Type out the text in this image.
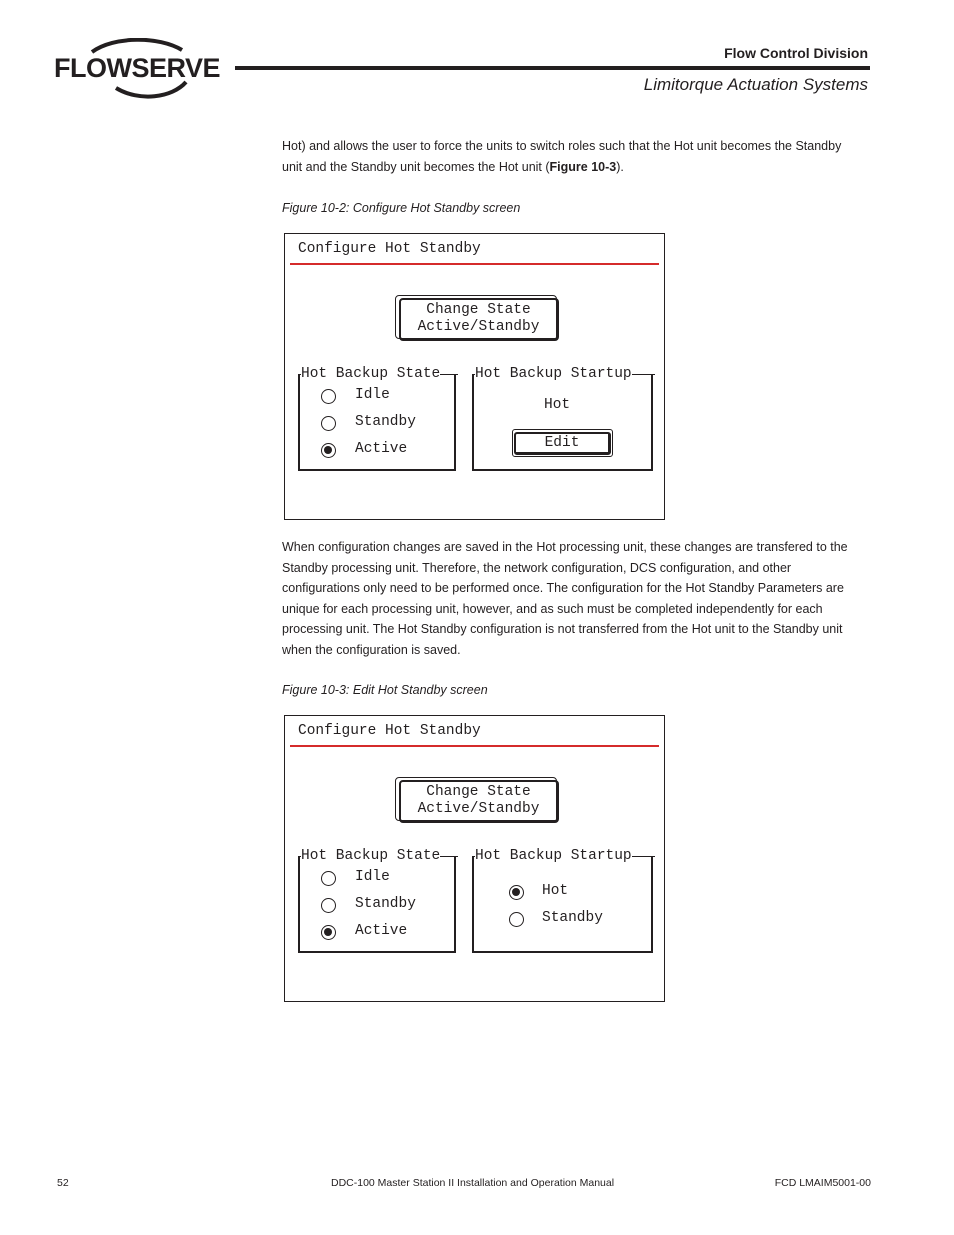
FLOWSERVE	Flow Control Division
Limitorque Actuation Systems

Hot) and allows the user to force the units to switch roles such that the Hot unit becomes the Standby unit and the Standby unit becomes the Hot unit (Figure 10-3).

Figure 10-2: Configure Hot Standby screen
Configure Hot Standby
Change State
Active/Standby
Hot Backup State
Idle
Standby
Active
Hot Backup Startup
Hot
Edit

When configuration changes are saved in the Hot processing unit, these changes are transfered to the Standby processing unit. Therefore, the network configuration, DCS configuration, and other configurations only need to be performed once. The configuration for the Hot Standby Parameters are unique for each processing unit, however, and as such must be completed independently for each processing unit. The Hot Standby configuration is not transferred from the Hot unit to the Standby unit when the configuration is saved.

Figure 10-3: Edit Hot Standby screen
Configure Hot Standby
Change State
Active/Standby
Hot Backup State
Idle
Standby
Active
Hot Backup Startup
Hot
Standby
52	DDC-100 Master Station II Installation and Operation Manual	FCD LMAIM5001-00
